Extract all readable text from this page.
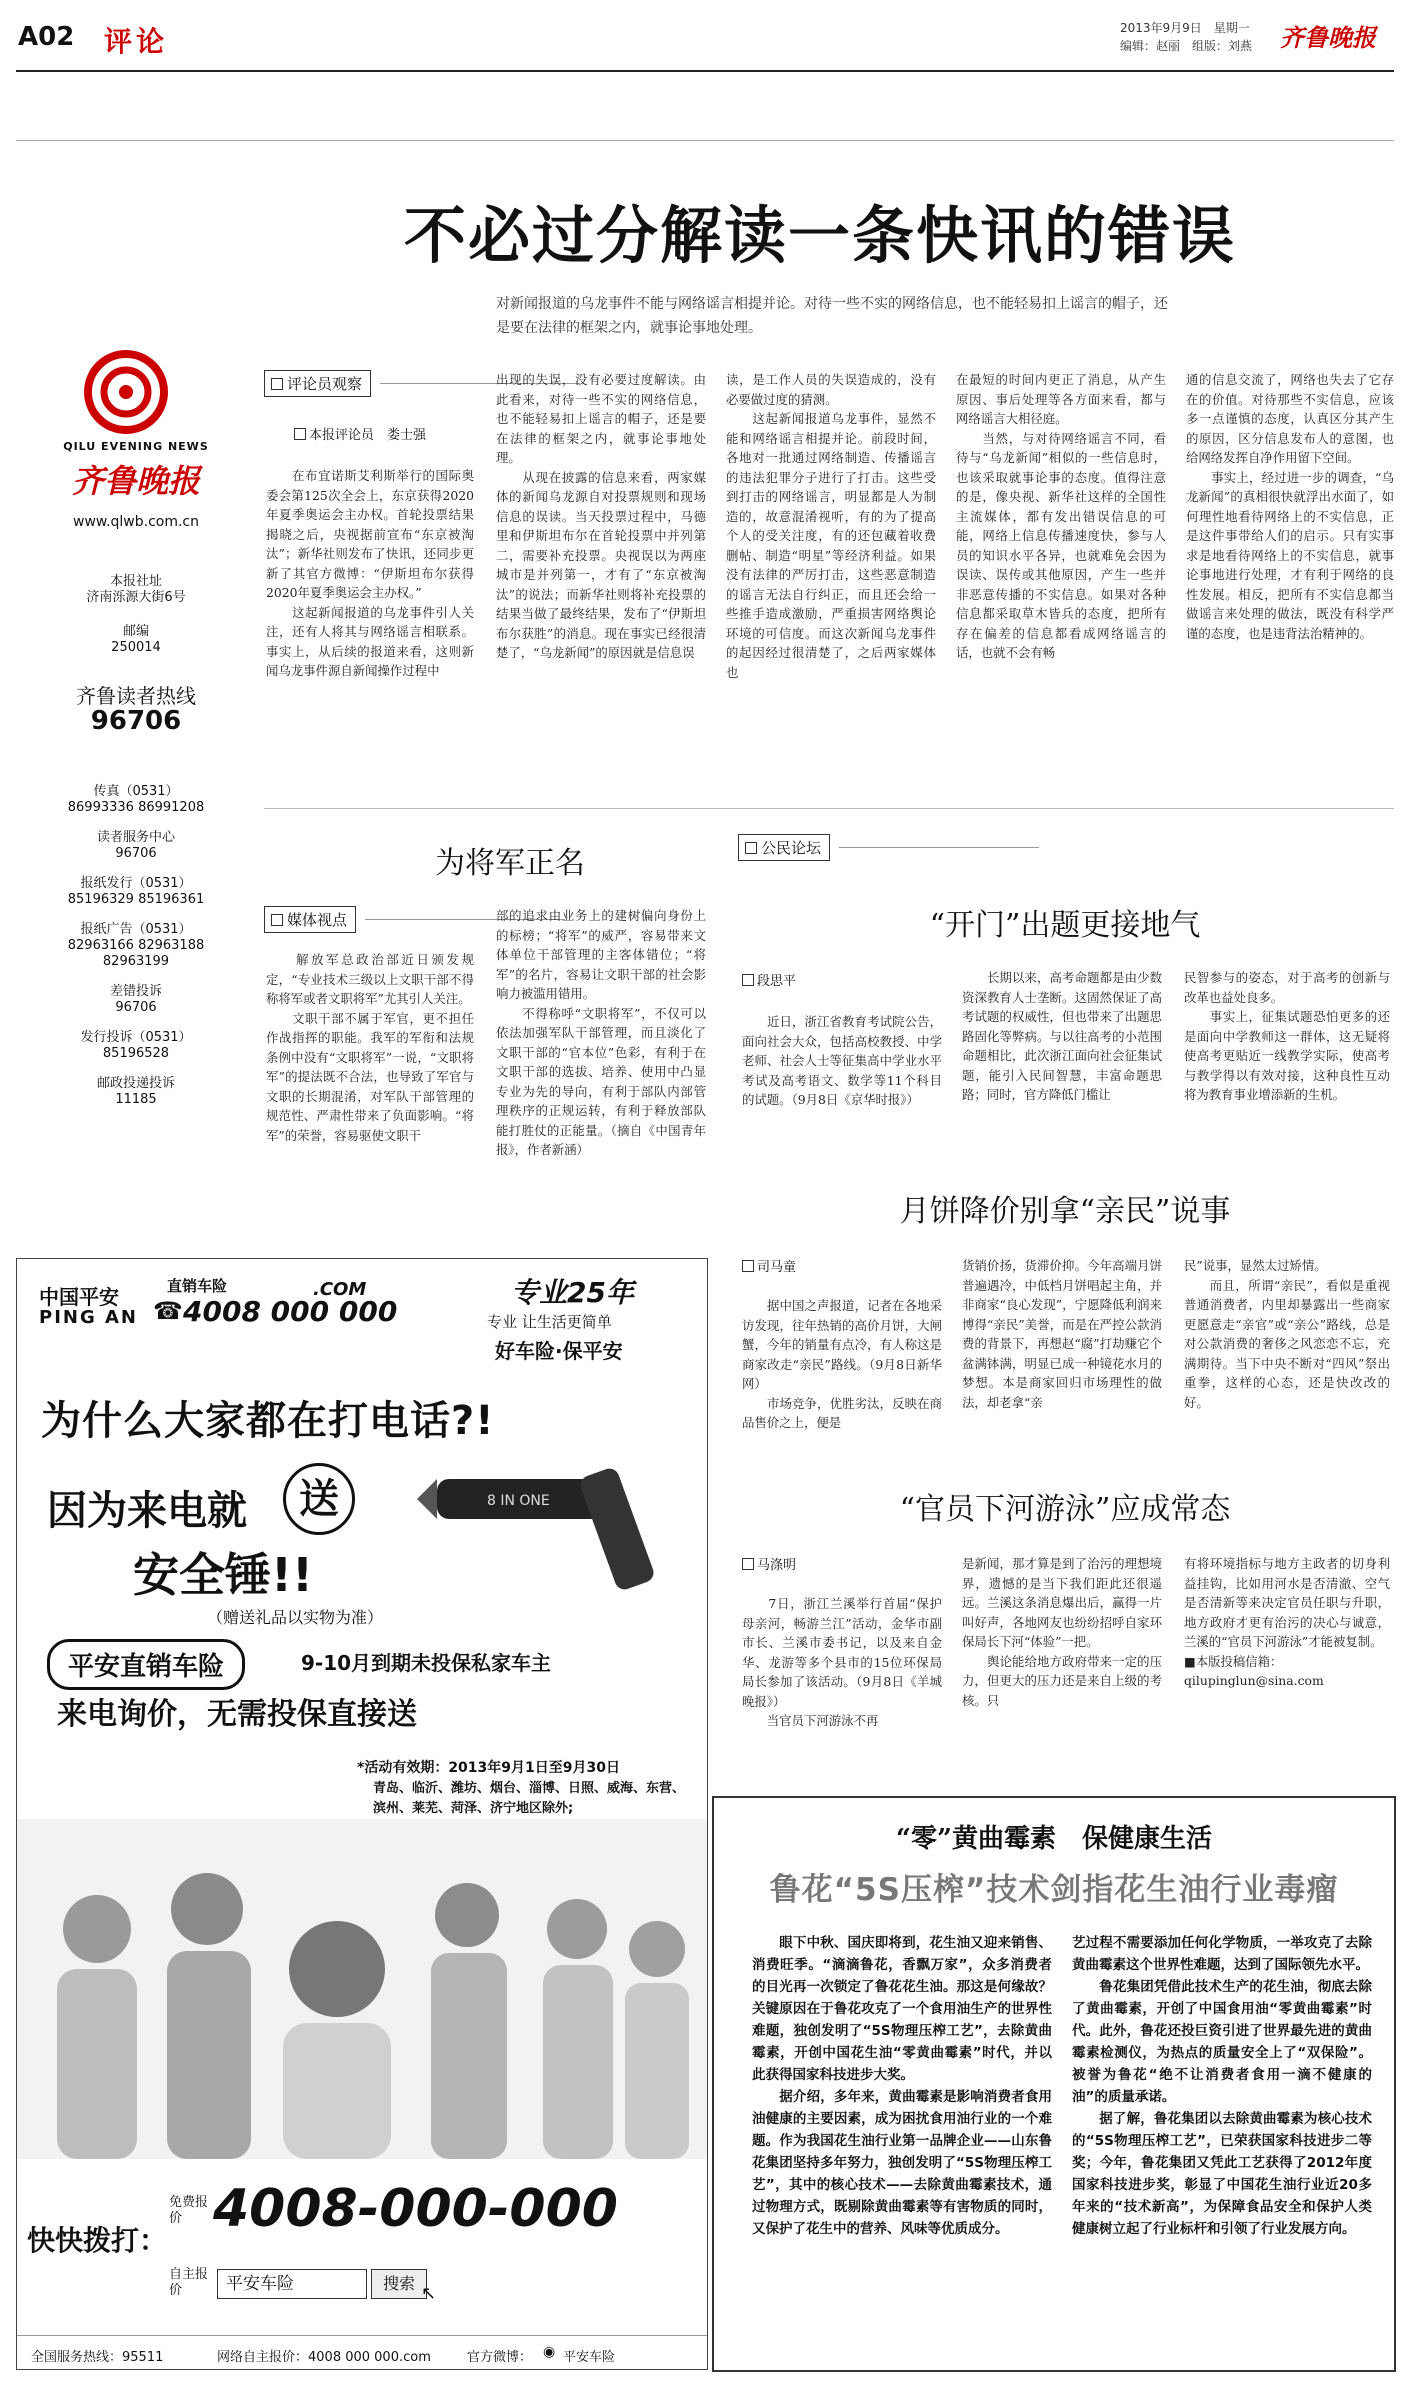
A02 评论	2013年9月9日　星期一
编辑：赵丽　组版：刘燕 齐鲁晚报
不必过分解读一条快讯的错误
对新闻报道的乌龙事件不能与网络谣言相提并论。对待一些不实的网络信息，也不能轻易扣上谣言的帽子，还是要在法律的框架之内，就事论事地处理。
QILU EVENING NEWS
齐鲁晚报
www.qlwb.com.cn
本报社址
济南泺源大街6号
邮编
250014
齐鲁读者热线
96706
传真（0531）
86993336 86991208
读者服务中心
96706
报纸发行（0531）
85196329 85196361
报纸广告（0531）
82963166 82963188 82963199
差错投诉
96706
发行投诉（0531）
85196528
邮政投递投诉
11185
评论员观察
本报评论员　娄士强
　　在布宜诺斯艾利斯举行的国际奥委会第125次全会上，东京获得2020年夏季奥运会主办权。首轮投票结果揭晓之后，央视据前宣布“东京被淘汰”；新华社则发布了快讯，还同步更新了其官方微博：“伊斯坦布尔获得2020年夏季奥运会主办权。”
　　这起新闻报道的乌龙事件引人关注，还有人将其与网络谣言相联系。事实上，从后续的报道来看，这则新闻乌龙事件源自新闻操作过程中
出现的失误，没有必要过度解读。由此看来，对待一些不实的网络信息，也不能轻易扣上谣言的帽子，还是要在法律的框架之内，就事论事地处理。
　　从现在披露的信息来看，两家媒体的新闻乌龙源自对投票规则和现场信息的误读。当天投票过程中，马德里和伊斯坦布尔在首轮投票中并列第二，需要补充投票。央视误以为两座城市是并列第一，才有了“东京被淘汰”的说法；而新华社则将补充投票的结果当做了最终结果，发布了“伊斯坦布尔获胜”的消息。现在事实已经很清楚了，“乌龙新闻”的原因就是信息误
读，是工作人员的失误造成的，没有必要做过度的猜测。
　　这起新闻报道乌龙事件，显然不能和网络谣言相提并论。前段时间，各地对一批通过网络制造、传播谣言的违法犯罪分子进行了打击。这些受到打击的网络谣言，明显都是人为制造的，故意混淆视听，有的为了提高个人的受关注度，有的还包藏着收费删帖、制造“明星”等经济利益。如果没有法律的严厉打击，这些恶意制造的谣言无法自行纠正，而且还会给一些推手造成激励，严重损害网络舆论环境的可信度。而这次新闻乌龙事件的起因经过很清楚了，之后两家媒体也
在最短的时间内更正了消息，从产生原因、事后处理等各方面来看，都与网络谣言大相径庭。
　　当然，与对待网络谣言不同，看待与“乌龙新闻”相似的一些信息时，也该采取就事论事的态度。值得注意的是，像央视、新华社这样的全国性主流媒体，都有发出错误信息的可能，网络上信息传播速度快，参与人员的知识水平各异，也就难免会因为误读、误传或其他原因，产生一些并非恶意传播的不实信息。如果对各种信息都采取草木皆兵的态度，把所有存在偏差的信息都看成网络谣言的话，也就不会有畅
通的信息交流了，网络也失去了它存在的价值。对待那些不实信息，应该多一点谨慎的态度，认真区分其产生的原因，区分信息发布人的意图，也给网络发挥自净作用留下空间。
　　事实上，经过进一步的调查，“乌龙新闻”的真相很快就浮出水面了，如何理性地看待网络上的不实信息，正是这件事带给人们的启示。只有实事求是地看待网络上的不实信息，就事论事地进行处理，才有利于网络的良性发展。相反，把所有不实信息都当做谣言来处理的做法，既没有科学严谨的态度，也是违背法治精神的。
为将军正名
媒体视点
　　解放军总政治部近日颁发规定，“专业技术三级以上文职干部不得称将军或者文职将军”尤其引人关注。
　　文职干部不属于军官，更不担任作战指挥的职能。我军的军衔和法规条例中没有“文职将军”一说，“文职将军”的提法既不合法，也导致了军官与文职的长期混淆，对军队干部管理的规范性、严肃性带来了负面影响。“将军”的荣誉，容易驱使文职干
部的追求由业务上的建树偏向身份上的标榜；“将军”的威严，容易带来文体单位干部管理的主客体错位；“将军”的名片，容易让文职干部的社会影响力被滥用错用。
　　不得称呼“文职将军”，不仅可以依法加强军队干部管理，而且淡化了文职干部的“官本位”色彩，有利于在文职干部的选拔、培养、使用中凸显专业为先的导向，有利于部队内部管理秩序的正规运转，有利于释放部队能打胜仗的正能量。（摘自《中国青年报》，作者新涵）
中国平安
PING AN
直销车险
☎ 4008 000 000
.COM	专业25年
专业 让生活更简单
好车险·保平安
为什么大家都在打电话?!
因为来电就	送
安全锤!!
（赠送礼品以实物为准）
8 IN ONE
平安直销车险	9-10月到期未投保私家车主
来电询价，无需投保直接送
*活动有效期：2013年9月1日至9月30日
青岛、临沂、潍坊、烟台、淄博、日照、威海、东营、滨州、莱芜、菏泽、济宁地区除外;
快快拨打：
免费报价 4008-000-000
自主报价	平安车险	搜索 ↖
全国服务热线：95511	网络自主报价：4008 000 000.com	官方微博： ◉ 平安车险
公民论坛
“开门”出题更接地气
段思平
　　近日，浙江省教育考试院公告，面向社会大众，包括高校教授、中学老师、社会人士等征集高中学业水平考试及高考语文、数学等11个科目的试题。（9月8日《京华时报》）
　　长期以来，高考命题都是由少数资深教育人士垄断。这固然保证了高考试题的权威性，但也带来了出题思路固化等弊病。与以往高考的小范围命题相比，此次浙江面向社会征集试题，能引入民间智慧，丰富命题思路；同时，官方降低门槛让
民智参与的姿态，对于高考的创新与改革也益处良多。
　　事实上，征集试题恐怕更多的还是面向中学教师这一群体，这无疑将使高考更贴近一线教学实际，使高考与教学得以有效对接，这种良性互动将为教育事业增添新的生机。
月饼降价别拿“亲民”说事
司马童
　　据中国之声报道，记者在各地采访发现，往年热销的高价月饼，大闸蟹，今年的销量有点冷，有人称这是商家改走“亲民”路线。（9月8日新华网）
　　市场竞争，优胜劣汰，反映在商品售价之上，便是
货销价扬，货滞价抑。今年高端月饼普遍遇冷，中低档月饼唱起主角，并非商家“良心发现”，宁愿降低利润来博得“亲民”美誉，而是在严控公款消费的背景下，再想赵“腐”打劫赚它个盆满钵满，明显已成一种镜花水月的梦想。本是商家回归市场理性的做法，却老拿“亲
民”说事，显然太过矫情。
　　而且，所谓“亲民”，看似是重视普通消费者，内里却暴露出一些商家更愿意走“亲官”或“亲公”路线，总是对公款消费的奢侈之风恋恋不忘，充满期待。当下中央不断对“四风”祭出重拳，这样的心态，还是快改改的好。
“官员下河游泳”应成常态
马涤明
　　7日，浙江兰溪举行首届“保护母亲河，畅游兰江”活动，金华市副市长、兰溪市委书记，以及来自金华、龙游等多个县市的15位环保局局长参加了该活动。（9月8日《羊城晚报》）
　　当官员下河游泳不再
是新闻，那才算是到了治污的理想境界，遗憾的是当下我们距此还很遥远。兰溪这条消息爆出后，赢得一片叫好声，各地网友也纷纷招呼自家环保局长下河“体验”一把。
　　舆论能给地方政府带来一定的压力，但更大的压力还是来自上级的考核。只
有将环境指标与地方主政者的切身利益挂钩，比如用河水是否清澈、空气是否清新等来决定官员任职与升职，地方政府才更有治污的决心与诚意，兰溪的“官员下河游泳”才能被复制。
■本版投稿信箱：
qilupinglun@sina.com
“零”黄曲霉素　保健康生活
鲁花“5S压榨”技术剑指花生油行业毒瘤
　　眼下中秋、国庆即将到，花生油又迎来销售、消费旺季。“滴滴鲁花，香飘万家”，众多消费者的目光再一次锁定了鲁花花生油。那这是何缘故？关键原因在于鲁花攻克了一个食用油生产的世界性难题，独创发明了“5S物理压榨工艺”，去除黄曲霉素，开创中国花生油“零黄曲霉素”时代，并以此获得国家科技进步大奖。
　　据介绍，多年来，黄曲霉素是影响消费者食用油健康的主要因素，成为困扰食用油行业的一个难题。作为我国花生油行业第一品牌企业——山东鲁花集团坚持多年努力，独创发明了“5S物理压榨工艺”，其中的核心技术——去除黄曲霉素技术，通过物理方式，既剔除黄曲霉素等有害物质的同时，又保护了花生中的营养、风味等优质成分。
艺过程不需要添加任何化学物质，一举攻克了去除黄曲霉素这个世界性难题，达到了国际领先水平。
　　鲁花集团凭借此技术生产的花生油，彻底去除了黄曲霉素，开创了中国食用油“零黄曲霉素”时代。此外，鲁花还投巨资引进了世界最先进的黄曲霉素检测仪，为热点的质量安全上了“双保险”。被誉为鲁花“绝不让消费者食用一滴不健康的油”的质量承诺。
　　据了解，鲁花集团以去除黄曲霉素为核心技术的“5S物理压榨工艺”，已荣获国家科技进步二等奖；今年，鲁花集团又凭此工艺获得了2012年度国家科技进步奖，彰显了中国花生油行业近20多年来的“技术新高”，为保障食品安全和保护人类健康树立起了行业标杆和引领了行业发展方向。
